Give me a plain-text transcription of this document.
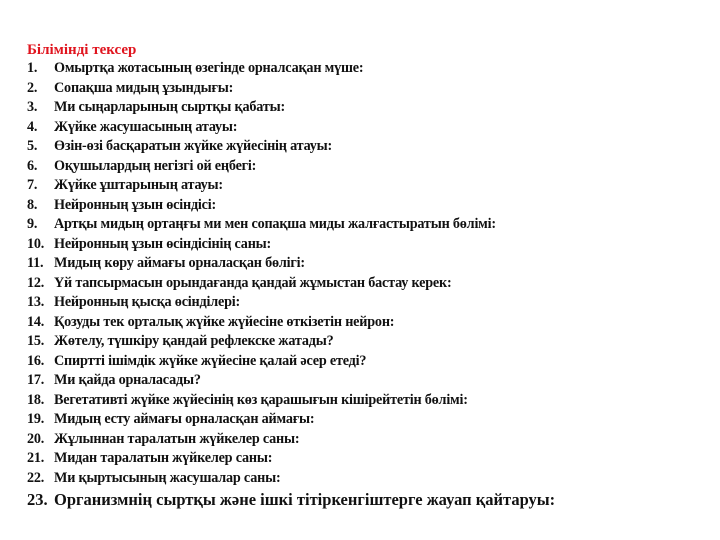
Білімінді тексер
1.	Омыртқа жотасының өзегінде орналсақан мүше:
2.	Сопақша мидың ұзындығы:
3.	Ми сыңарларының сыртқы қабаты:
4.	Жүйке жасушасының атауы:
5.	Өзін-өзі басқаратын жүйке жүйесінің атауы:
6.	Оқушылардың негізгі ой еңбегі:
7.	Жүйке ұштарының атауы:
8.	Нейронның ұзын өсіндісі:
9.	Артқы мидың ортаңғы ми мен сопақша миды жалғастыратын бөлімі:
10. Нейронның ұзын өсіндісінің саны:
11. Мидың көру аймағы орналасқан бөлігі:
12. Үй тапсырмасын орындағанда қандай жұмыстан бастау керек:
13. Нейронның қысқа өсінділері:
14. Қозуды тек орталық жүйке жүйесіне өткізетін нейрон:
15. Жөтелу, түшкіру қандай рефлекске жатады?
16. Спиртті ішімдік жүйке жүйесіне қалай әсер етеді?
17. Ми қайда орналасады?
18. Вегетативті жүйке жүйесінің көз қарашығын кішірейтетін бөлімі:
19. Мидың есту аймағы орналасқан аймағы:
20. Жұлыннан таралатын жүйкелер саны:
21. Мидан таралатын жүйкелер саны:
22. Ми қыртысының жасушалар саны:
23. Организмнің сыртқы және ішкі тітіркенгіштерге жауап қайтаруы:
